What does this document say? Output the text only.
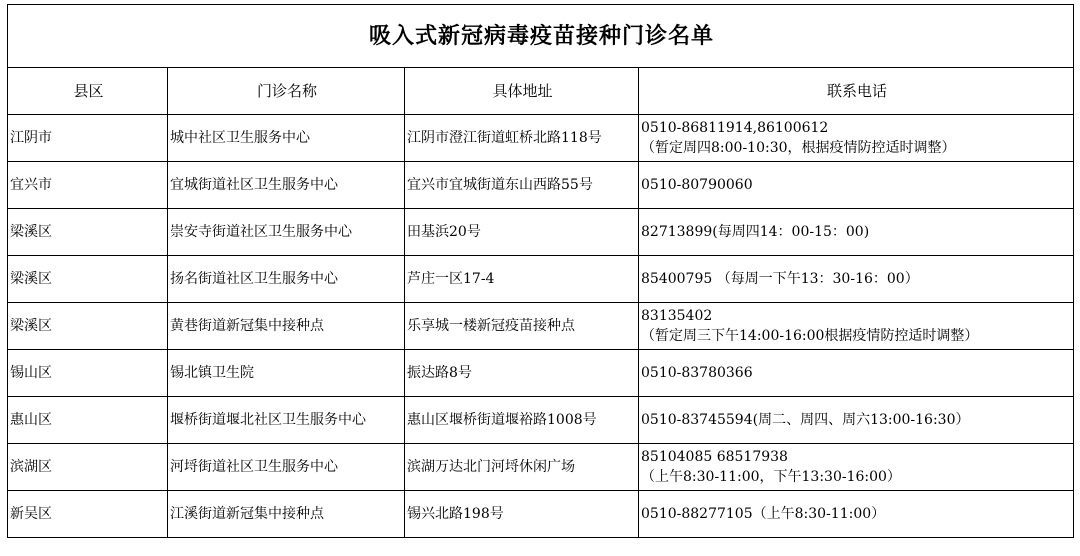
吸入式新冠病毒疫苗接种门诊名单			
县区	门诊名称	具体地址	联系电话
江阴市	城中社区卫生服务中心	江阴市澄江街道虹桥北路118号	0510-86811914,86100612
（暂定周四8:00-10:30，根据疫情防控适时调整）

宜兴市	宜城街道社区卫生服务中心	宜兴市宜城街道东山西路55号	0510-80790060

梁溪区	崇安寺街道社区卫生服务中心	田基浜20号	82713899(每周四14：00-15：00)

梁溪区	扬名街道社区卫生服务中心	芦庄一区17-4	85400795 （每周一下午13：30-16：00）

梁溪区	黄巷街道新冠集中接种点	乐享城一楼新冠疫苗接种点	83135402
（暂定周三下午14:00-16:00根据疫情防控适时调整）

锡山区	锡北镇卫生院	振达路8号	0510-83780366

惠山区	堰桥街道堰北社区卫生服务中心	惠山区堰桥街道堰裕路1008号	0510-83745594(周二、周四、周六13:00-16:30）

滨湖区	河埒街道社区卫生服务中心	滨湖万达北门河埒休闲广场	85104085 68517938
（上午8:30-11:00，下午13:30-16:00）

新吴区	江溪街道新冠集中接种点	锡兴北路198号	0510-88277105（上午8:30-11:00）
